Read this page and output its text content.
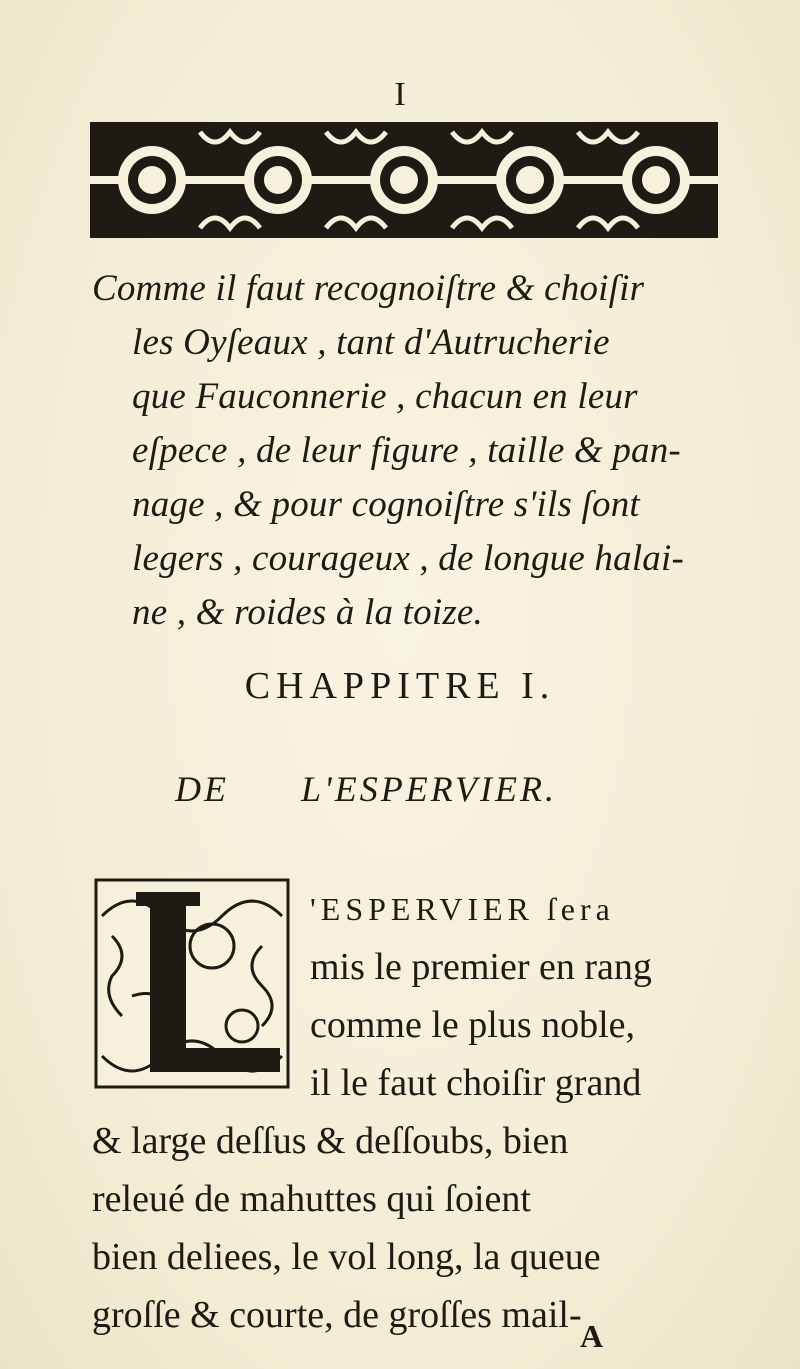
I
Comme il faut recognoiſtre & choiſir
les Oyſeaux , tant d'Autrucherie
que Fauconnerie , chacun en leur
eſpece , de leur figure , taille & pan-
nage , & pour cognoiſtre s'ils ſont
legers , courageux , de longue halai-
ne , & roides à la toize.
CHAPPITRE I.
DE L'ESPERVIER.
'ESPERVIER ſera
mis le premier en rang
comme le plus noble,
il le faut choiſir grand
& large deſſus & deſſoubs, bien
releué de mahuttes qui ſoient
bien deliees, le vol long, la queue
groſſe & courte, de groſſes mail-
A
